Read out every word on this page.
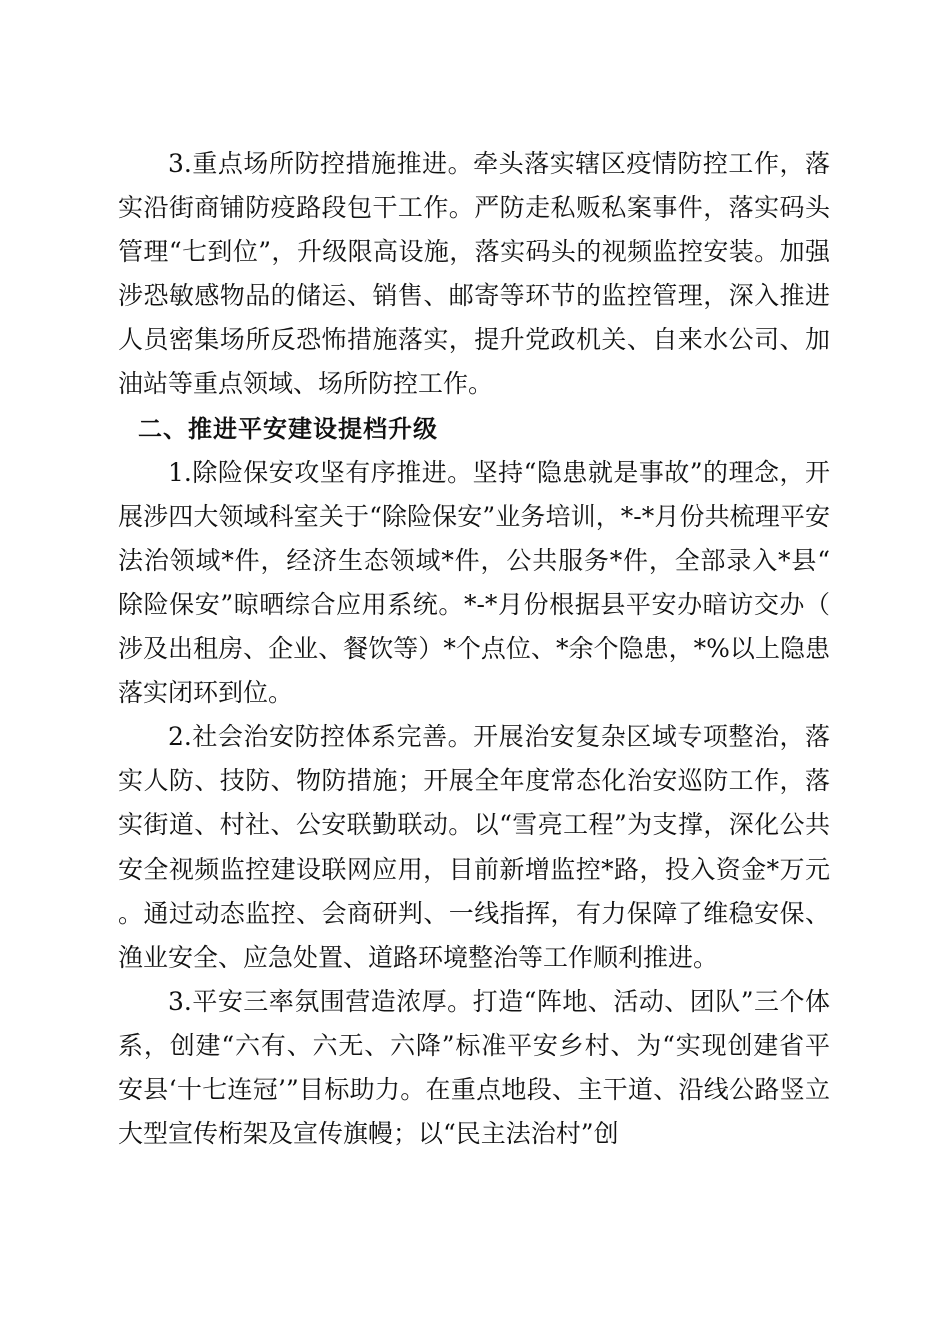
3.重点场所防控措施推进。牵头落实辖区疫情防控工作，落实沿街商铺防疫路段包干工作。严防走私贩私案事件，落实码头管理“七到位”，升级限高设施，落实码头的视频监控安装。加强涉恐敏感物品的储运、销售、邮寄等环节的监控管理，深入推进人员密集场所反恐怖措施落实，提升党政机关、自来水公司、加油站等重点领域、场所防控工作。

二、推进平安建设提档升级

1.除险保安攻坚有序推进。坚持“隐患就是事故”的理念，开展涉四大领域科室关于“除险保安”业务培训，*-*月份共梳理平安法治领域*件，经济生态领域*件，公共服务*件，全部录入*县“除险保安”晾晒综合应用系统。*-*月份根据县平安办暗访交办（涉及出租房、企业、餐饮等）*个点位、*余个隐患，*%以上隐患落实闭环到位。

2.社会治安防控体系完善。开展治安复杂区域专项整治，落实人防、技防、物防措施；开展全年度常态化治安巡防工作，落实街道、村社、公安联勤联动。以“雪亮工程”为支撑，深化公共安全视频监控建设联网应用，目前新增监控*路，投入资金*万元。通过动态监控、会商研判、一线指挥，有力保障了维稳安保、渔业安全、应急处置、道路环境整治等工作顺利推进。

3.平安三率氛围营造浓厚。打造“阵地、活动、团队”三个体系，创建“六有、六无、六降”标准平安乡村、为“实现创建省平安县‘十七连冠’”目标助力。在重点地段、主干道、沿线公路竖立大型宣传桁架及宣传旗幔；以“民主法治村”创
